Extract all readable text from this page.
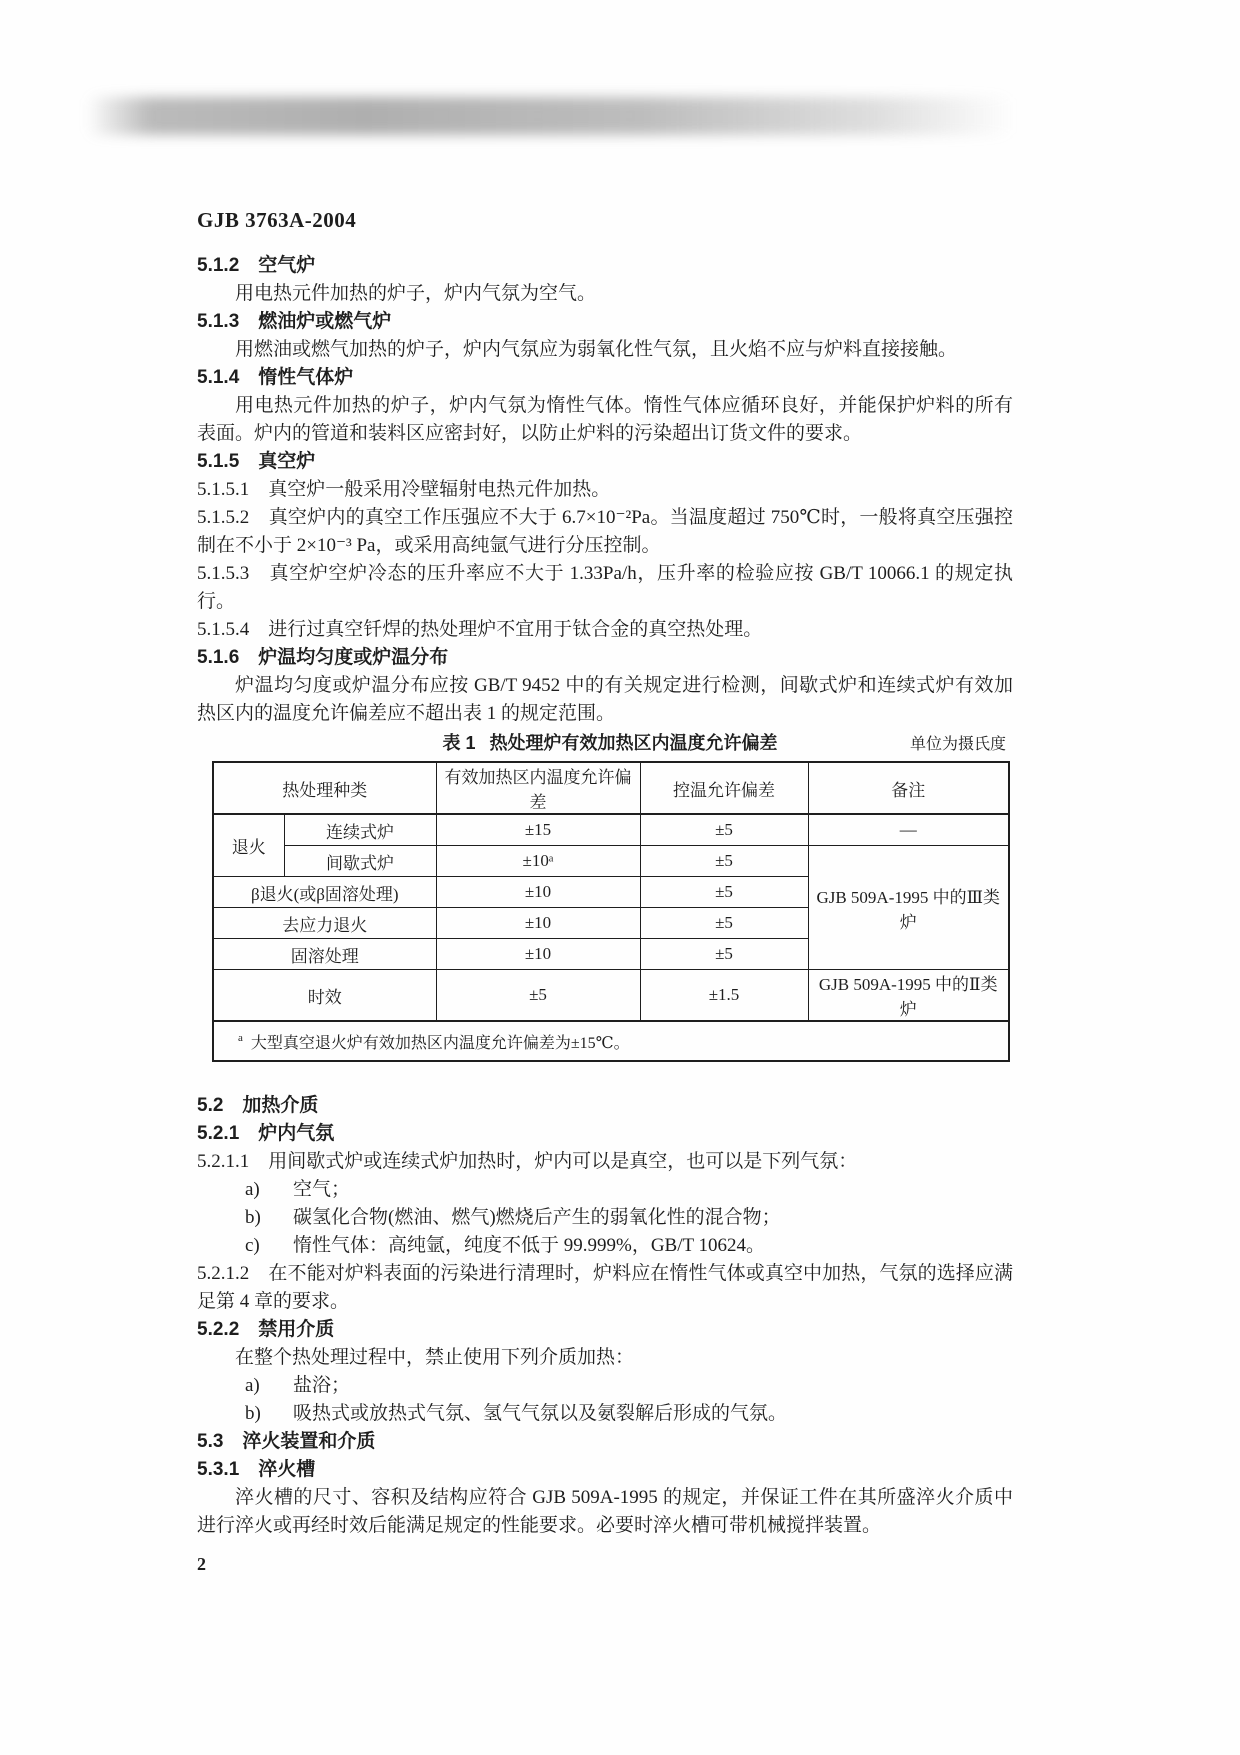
GJB 3763A-2004
5.1.2　空气炉

用电热元件加热的炉子，炉内气氛为空气。

5.1.3　燃油炉或燃气炉

用燃油或燃气加热的炉子，炉内气氛应为弱氧化性气氛，且火焰不应与炉料直接接触。

5.1.4　惰性气体炉

用电热元件加热的炉子，炉内气氛为惰性气体。惰性气体应循环良好，并能保护炉料的所有表面。炉内的管道和装料区应密封好，以防止炉料的污染超出订货文件的要求。

5.1.5　真空炉

5.1.5.1　真空炉一般采用冷壁辐射电热元件加热。

5.1.5.2　真空炉内的真空工作压强应不大于 6.7×10⁻²Pa。当温度超过 750℃时，一般将真空压强控制在不小于 2×10⁻³ Pa，或采用高纯氩气进行分压控制。

5.1.5.3　真空炉空炉冷态的压升率应不大于 1.33Pa/h，压升率的检验应按 GB/T 10066.1 的规定执行。

5.1.5.4　进行过真空钎焊的热处理炉不宜用于钛合金的真空热处理。

5.1.6　炉温均匀度或炉温分布

炉温均匀度或炉温分布应按 GB/T 9452 中的有关规定进行检测，间歇式炉和连续式炉有效加热区内的温度允许偏差应不超出表 1 的规定范围。

表 1 热处理炉有效加热区内温度允许偏差	单位为摄氏度
热处理种类		有效加热区内温度允许偏差	控温允许偏差	备注
退火	连续式炉	±15	±5	—
	间歇式炉	±10ᵃ	±5	GJB 509A-1995 中的Ⅲ类炉
β退火(或β固溶处理)		±10	±5	
去应力退火		±10	±5	
固溶处理		±10	±5	
时效		±5	±1.5	GJB 509A-1995 中的Ⅱ类炉
$^a$ 大型真空退火炉有效加热区内温度允许偏差为±15℃。				
5.2　加热介质
5.2.1　炉内气氛

5.2.1.1　用间歇式炉或连续式炉加热时，炉内可以是真空，也可以是下列气氛：

a) 空气；

b) 碳氢化合物(燃油、燃气)燃烧后产生的弱氧化性的混合物；

c) 惰性气体：高纯氩，纯度不低于 99.999%，GB/T 10624。

5.2.1.2　在不能对炉料表面的污染进行清理时，炉料应在惰性气体或真空中加热，气氛的选择应满足第 4 章的要求。

5.2.2　禁用介质

在整个热处理过程中，禁止使用下列介质加热：

a) 盐浴；

b) 吸热式或放热式气氛、氢气气氛以及氨裂解后形成的气氛。

5.3　淬火装置和介质
5.3.1　淬火槽

淬火槽的尺寸、容积及结构应符合 GJB 509A-1995 的规定，并保证工件在其所盛淬火介质中进行淬火或再经时效后能满足规定的性能要求。必要时淬火槽可带机械搅拌装置。

2
